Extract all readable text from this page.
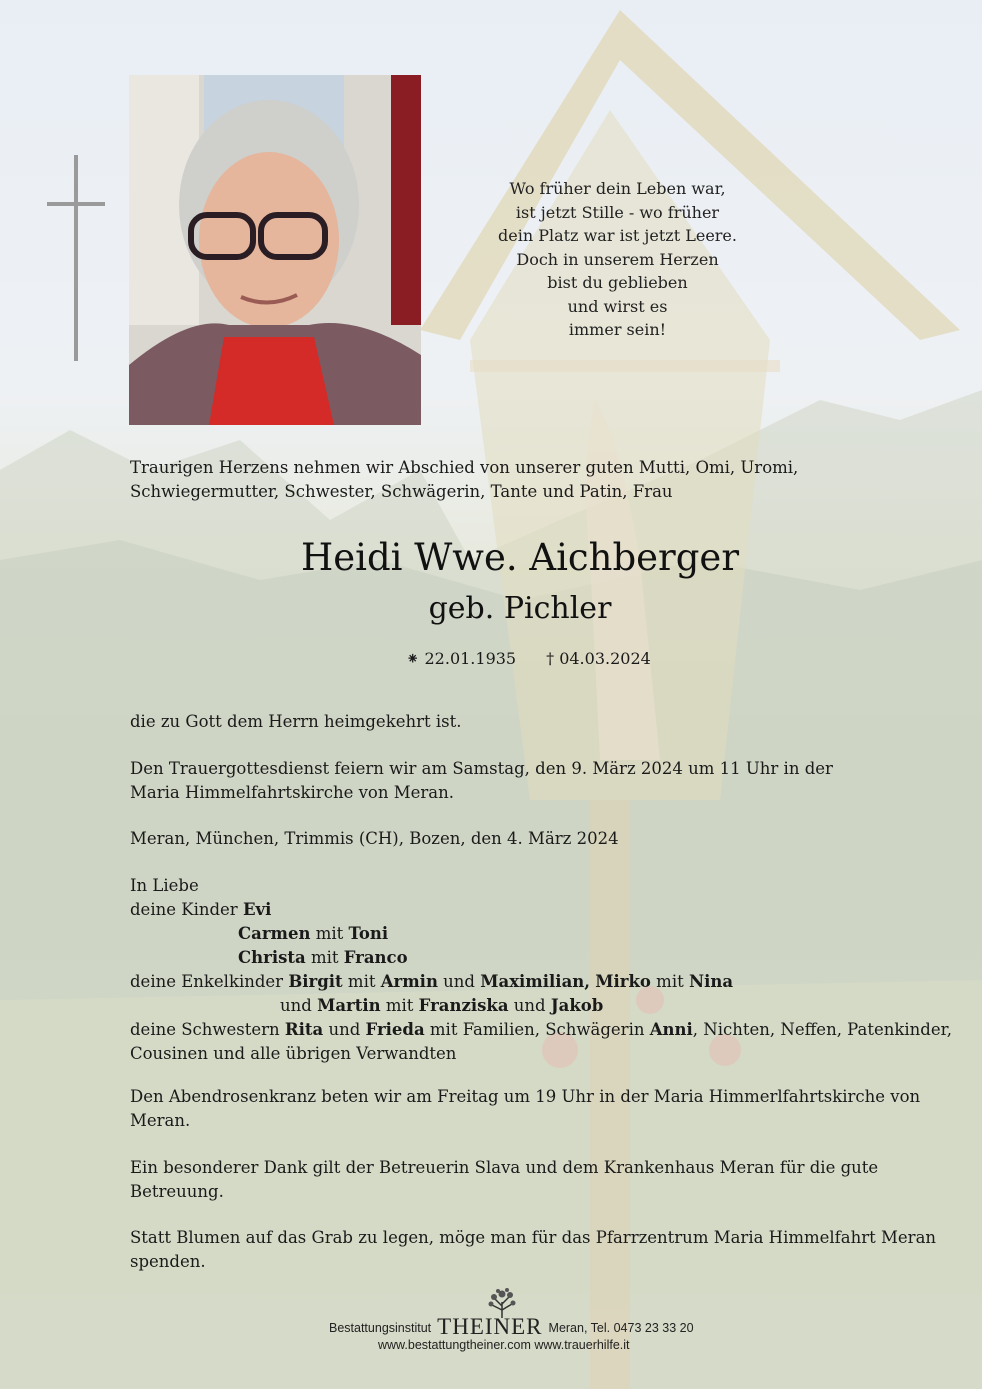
Wo früher dein Leben war,
ist jetzt Stille - wo früher
dein Platz war ist jetzt Leere.
Doch in unserem Herzen
bist du geblieben
und wirst es
immer sein!
Traurigen Herzens nehmen wir Abschied von unserer guten Mutti, Omi, Uromi,
Schwiegermutter, Schwester, Schwägerin, Tante und Patin, Frau
Heidi Wwe. Aichberger
geb. Pichler
⁕ 22.01.1935 † 04.03.2024
die zu Gott dem Herrn heimgekehrt ist.
Den Trauergottesdienst feiern wir am Samstag, den 9. März 2024 um 11 Uhr in der
Maria Himmelfahrtskirche von Meran.
Meran, München, Trimmis (CH), Bozen, den 4. März 2024
In Liebe
deine Kinder Evi
Carmen mit Toni
Christa mit Franco
deine Enkelkinder Birgit mit Armin und Maximilian, Mirko mit Nina
und Martin mit Franziska und Jakob
deine Schwestern Rita und Frieda mit Familien, Schwägerin Anni, Nichten, Neffen, Patenkinder,
Cousinen und alle übrigen Verwandten
Den Abendrosenkranz beten wir am Freitag um 19 Uhr in der Maria Himmerlfahrtskirche von
Meran.
Ein besonderer Dank gilt der Betreuerin Slava und dem Krankenhaus Meran für die gute
Betreuung.
Statt Blumen auf das Grab zu legen, möge man für das Pfarrzentrum Maria Himmelfahrt Meran
spenden.
Bestattungsinstitut THEINER Meran, Tel. 0473 23 33 20
www.bestattungtheiner.com www.trauerhilfe.it
